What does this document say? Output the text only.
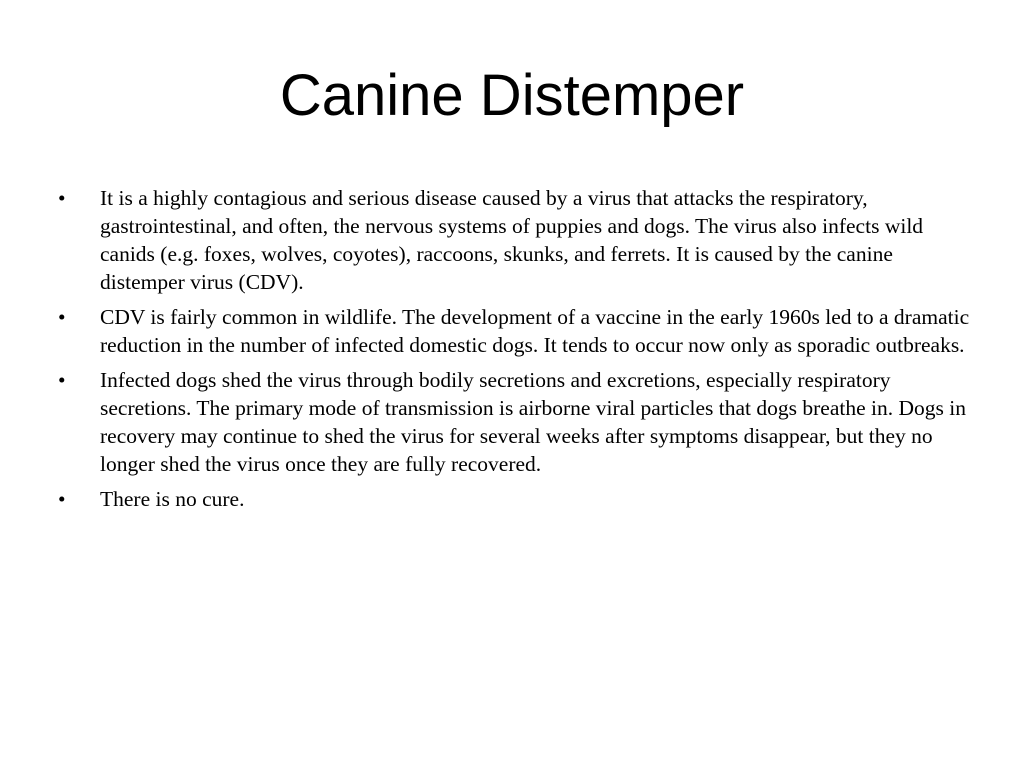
Canine Distemper
•	It is a highly contagious and serious disease caused by a virus that attacks the respiratory, gastrointestinal, and often, the nervous systems of puppies and dogs. The virus also infects wild canids (e.g. foxes, wolves, coyotes), raccoons, skunks, and ferrets. It is caused by the canine distemper virus (CDV).
•	CDV is fairly common in wildlife. The development of a vaccine in the early 1960s led to a dramatic reduction in the number of infected domestic dogs. It tends to occur now only as sporadic outbreaks.
•	Infected dogs shed the virus through bodily secretions and excretions, especially respiratory secretions. The primary mode of transmission is airborne viral particles that dogs breathe in. Dogs in recovery may continue to shed the virus for several weeks after symptoms disappear, but they no longer shed the virus once they are fully recovered.
•	There is no cure.
